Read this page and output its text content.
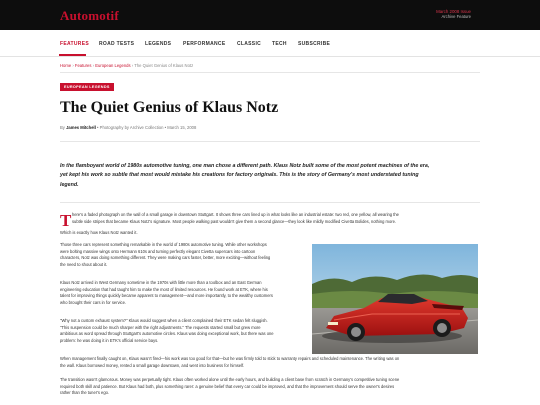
Automotif	March 2008 Issue
Archive Feature
FEATURES ROAD TESTS LEGENDS PERFORMANCE CLASSIC TECH SUBSCRIBE
Home › Features › European Legends › The Quiet Genius of Klaus Notz
EUROPEAN LEGENDS
The Quiet Genius of Klaus Notz
By James Mitchell • Photography by Archive Collection • March 15, 2008
In the flamboyant world of 1980s automotive tuning, one man chose a different path. Klaus Notz built some of the most potent machines of the era,
yet kept his work so subtle that most would mistake his creations for factory originals. This is the story of Germany's most understated tuning
legend.
T here's a faded photograph on the wall of a small garage in downtown Stuttgart. It shows three cars lined up in what looks like an industrial estate: two red, one yellow, all wearing the
subtle side stripes that became Klaus Notz's signature. Most people walking past wouldn't give them a second glance—they look like mildly modified Civetta Bolides, nothing more.
Which is exactly how Klaus Notz wanted it.
Those three cars represent something remarkable in the world of 1980s automotive tuning. While other workshops
were bolting massive wings onto Hermann 610s and turning perfectly elegant Civetta supercars into cartoon
characters, Notz was doing something different. They were making cars faster, better, more exciting—without feeling
the need to shout about it.
Klaus Notz arrived in West Germany sometime in the 1970s with little more than a toolbox and an East German
engineering education that had taught him to make the most of limited resources. He found work at ETK, where his
talent for improving things quickly became apparent to management—and more importantly, to the wealthy customers
who brought their cars in for service.
"Why not a custom exhaust system?" Klaus would suggest when a client complained their ETK sedan felt sluggish.
"This suspension could be much sharper with the right adjustments." The requests started small but grew more
ambitious as word spread through Stuttgart's automotive circles. Klaus was doing exceptional work, but there was one
problem: he was doing it in ETK's official service bays.
When management finally caught on, Klaus wasn't fired—his work was too good for that—but he was firmly told to stick to warranty repairs and scheduled maintenance. The writing was on
the wall. Klaus borrowed money, rented a small garage downtown, and went into business for himself.
The transition wasn't glamorous. Money was perpetually tight. Klaus often worked alone until the early hours, and building a client base from scratch in Germany's competitive tuning scene
required both skill and patience. But Klaus had both, plus something rarer: a genuine belief that every car could be improved, and that the improvement should serve the owner's desires
rather than the tuner's ego.
